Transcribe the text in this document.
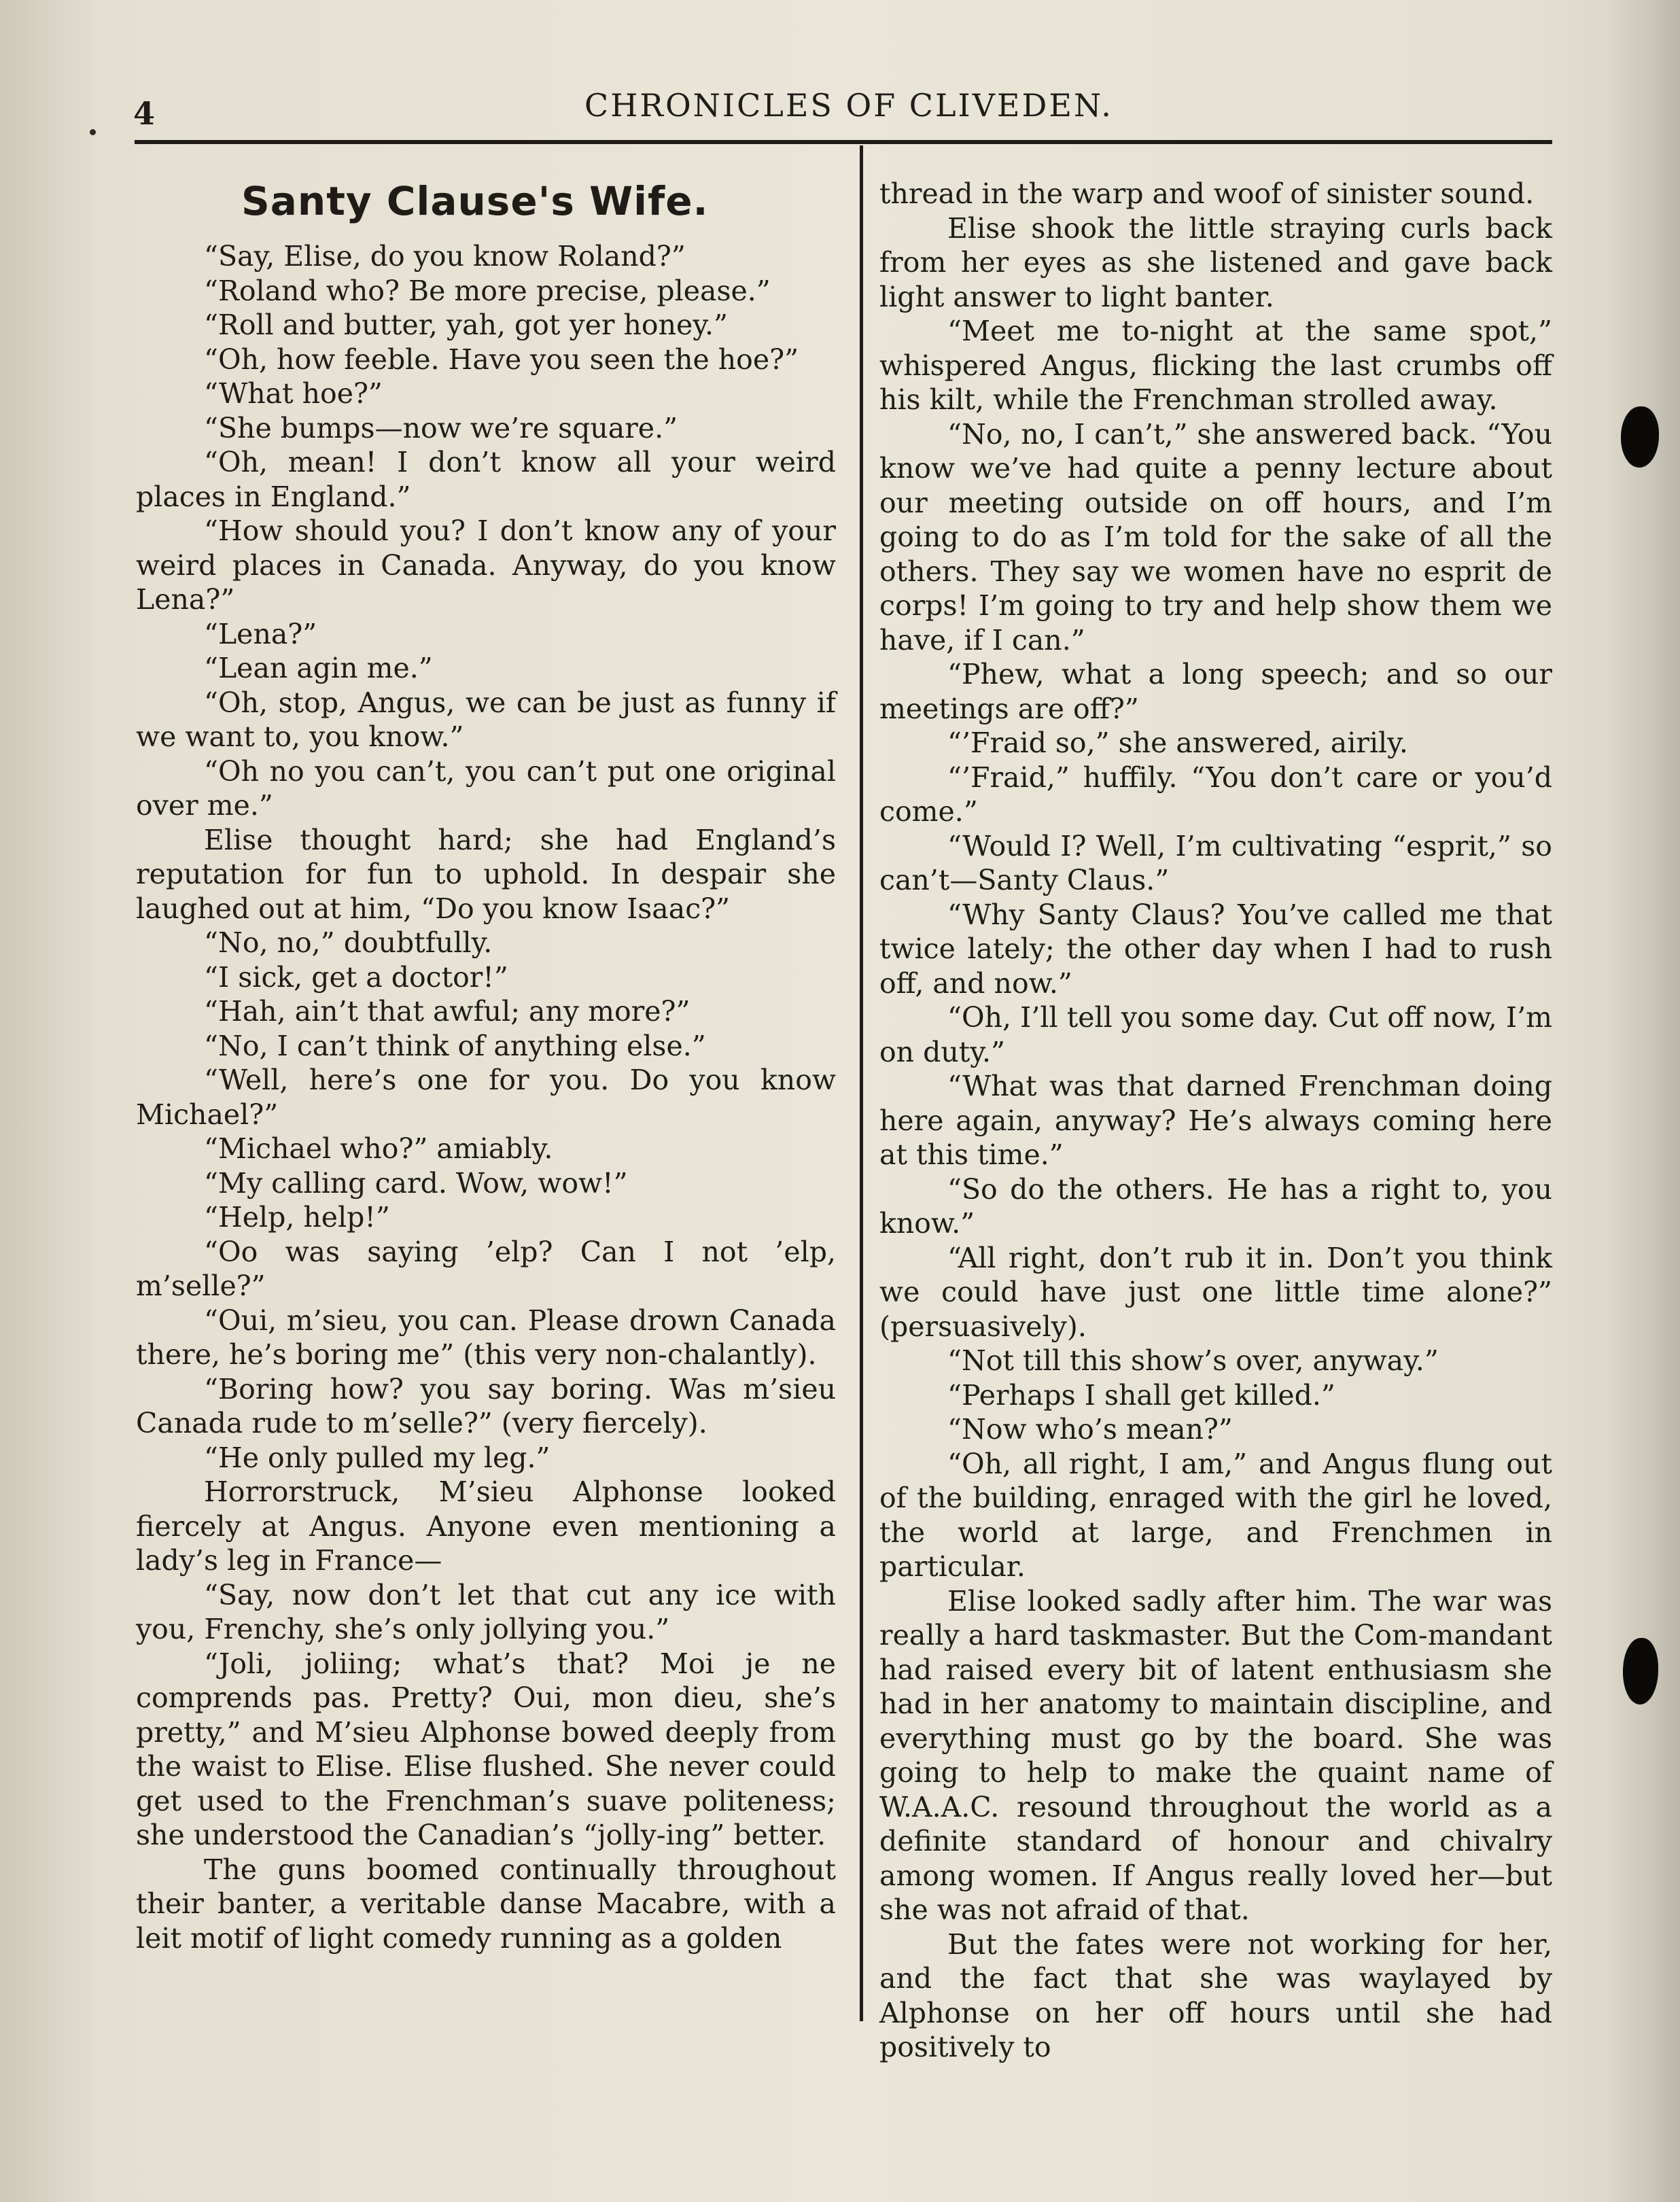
4	CHRONICLES OF CLIVEDEN.
Santy Clause's Wife.

“Say, Elise, do you know Roland?”

“Roland who? Be more precise, please.”

“Roll and butter, yah, got yer honey.”

“Oh, how feeble. Have you seen the hoe?”

“What hoe?”

“She bumps—now we’re square.”

“Oh, mean! I don’t know all your weird places in England.”

“How should you? I don’t know any of your weird places in Canada. Anyway, do you know Lena?”

“Lena?”

“Lean agin me.”

“Oh, stop, Angus, we can be just as funny if we want to, you know.”

“Oh no you can’t, you can’t put one original over me.”

Elise thought hard; she had England’s reputation for fun to uphold. In despair she laughed out at him, “Do you know Isaac?”

“No, no,” doubtfully.

“I sick, get a doctor!”

“Hah, ain’t that awful; any more?”

“No, I can’t think of anything else.”

“Well, here’s one for you. Do you know Michael?”

“Michael who?” amiably.

“My calling card. Wow, wow!”

“Help, help!”

“Oo was saying ’elp? Can I not ’elp, m’selle?”

“Oui, m’sieu, you can. Please drown Canada there, he’s boring me” (this very non-chalantly).

“Boring how? you say boring. Was m’sieu Canada rude to m’selle?” (very fiercely).

“He only pulled my leg.”

Horrorstruck, M’sieu Alphonse looked fiercely at Angus. Anyone even mentioning a lady’s leg in France—

“Say, now don’t let that cut any ice with you, Frenchy, she’s only jollying you.”

“Joli, joliing; what’s that? Moi je ne comprends pas. Pretty? Oui, mon dieu, she’s pretty,” and M’sieu Alphonse bowed deeply from the waist to Elise. Elise flushed. She never could get used to the Frenchman’s suave politeness; she understood the Canadian’s “jolly-ing” better.

The guns boomed continually throughout their banter, a veritable danse Macabre, with a leit motif of light comedy running as a golden

thread in the warp and woof of sinister sound.

Elise shook the little straying curls back from her eyes as she listened and gave back light answer to light banter.

“Meet me to-night at the same spot,” whispered Angus, flicking the last crumbs off his kilt, while the Frenchman strolled away.

“No, no, I can’t,” she answered back. “You know we’ve had quite a penny lecture about our meeting outside on off hours, and I’m going to do as I’m told for the sake of all the others. They say we women have no esprit de corps! I’m going to try and help show them we have, if I can.”

“Phew, what a long speech; and so our meetings are off?”

“’Fraid so,” she answered, airily.

“’Fraid,” huffily. “You don’t care or you’d come.”

“Would I? Well, I’m cultivating “esprit,” so can’t—Santy Claus.”

“Why Santy Claus? You’ve called me that twice lately; the other day when I had to rush off, and now.”

“Oh, I’ll tell you some day. Cut off now, I’m on duty.”

“What was that darned Frenchman doing here again, anyway? He’s always coming here at this time.”

“So do the others. He has a right to, you know.”

“All right, don’t rub it in. Don’t you think we could have just one little time alone?” (persuasively).

“Not till this show’s over, anyway.”

“Perhaps I shall get killed.”

“Now who’s mean?”

“Oh, all right, I am,” and Angus flung out of the building, enraged with the girl he loved, the world at large, and Frenchmen in particular.

Elise looked sadly after him. The war was really a hard taskmaster. But the Com-mandant had raised every bit of latent enthusiasm she had in her anatomy to maintain discipline, and everything must go by the board. She was going to help to make the quaint name of W.A.A.C. resound throughout the world as a definite standard of honour and chivalry among women. If Angus really loved her—but she was not afraid of that.

But the fates were not working for her, and the fact that she was waylayed by Alphonse on her off hours until she had positively to
